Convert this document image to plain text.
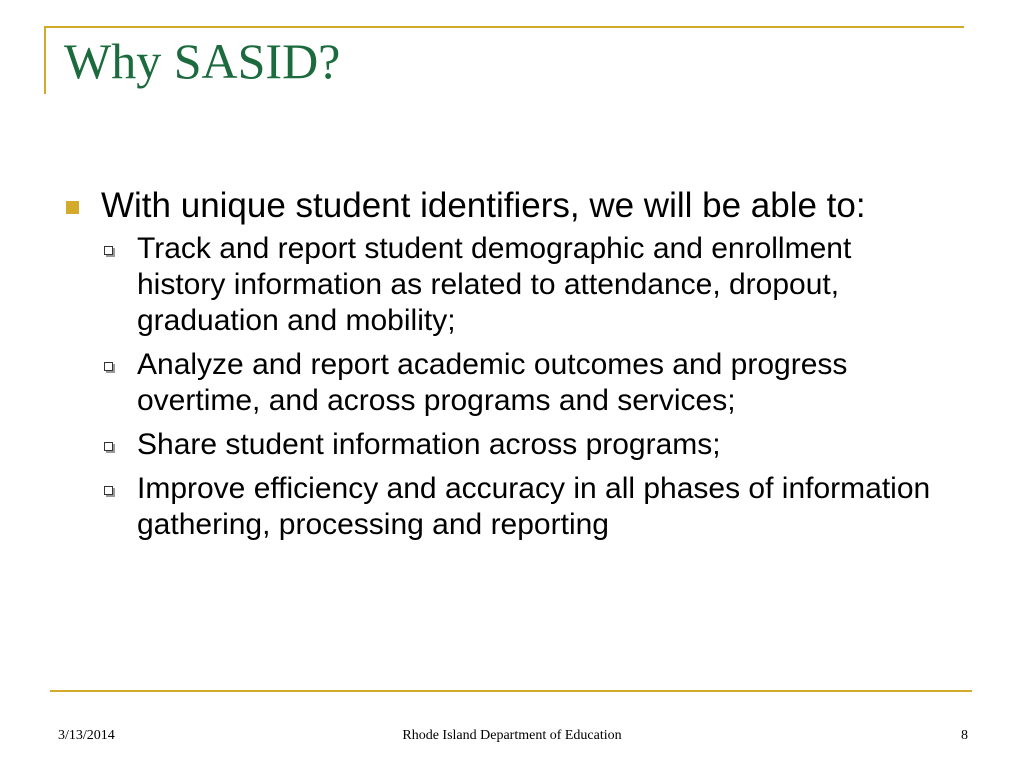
Why SASID?
With unique student identifiers, we will be able to:
Track and report student demographic and enrollment history information as related to attendance, dropout, graduation and mobility;
Analyze and report academic outcomes and progress overtime, and across programs and services;
Share student information across programs;
Improve efficiency and accuracy in all phases of information gathering, processing and reporting
3/13/2014	Rhode Island Department of Education	8
